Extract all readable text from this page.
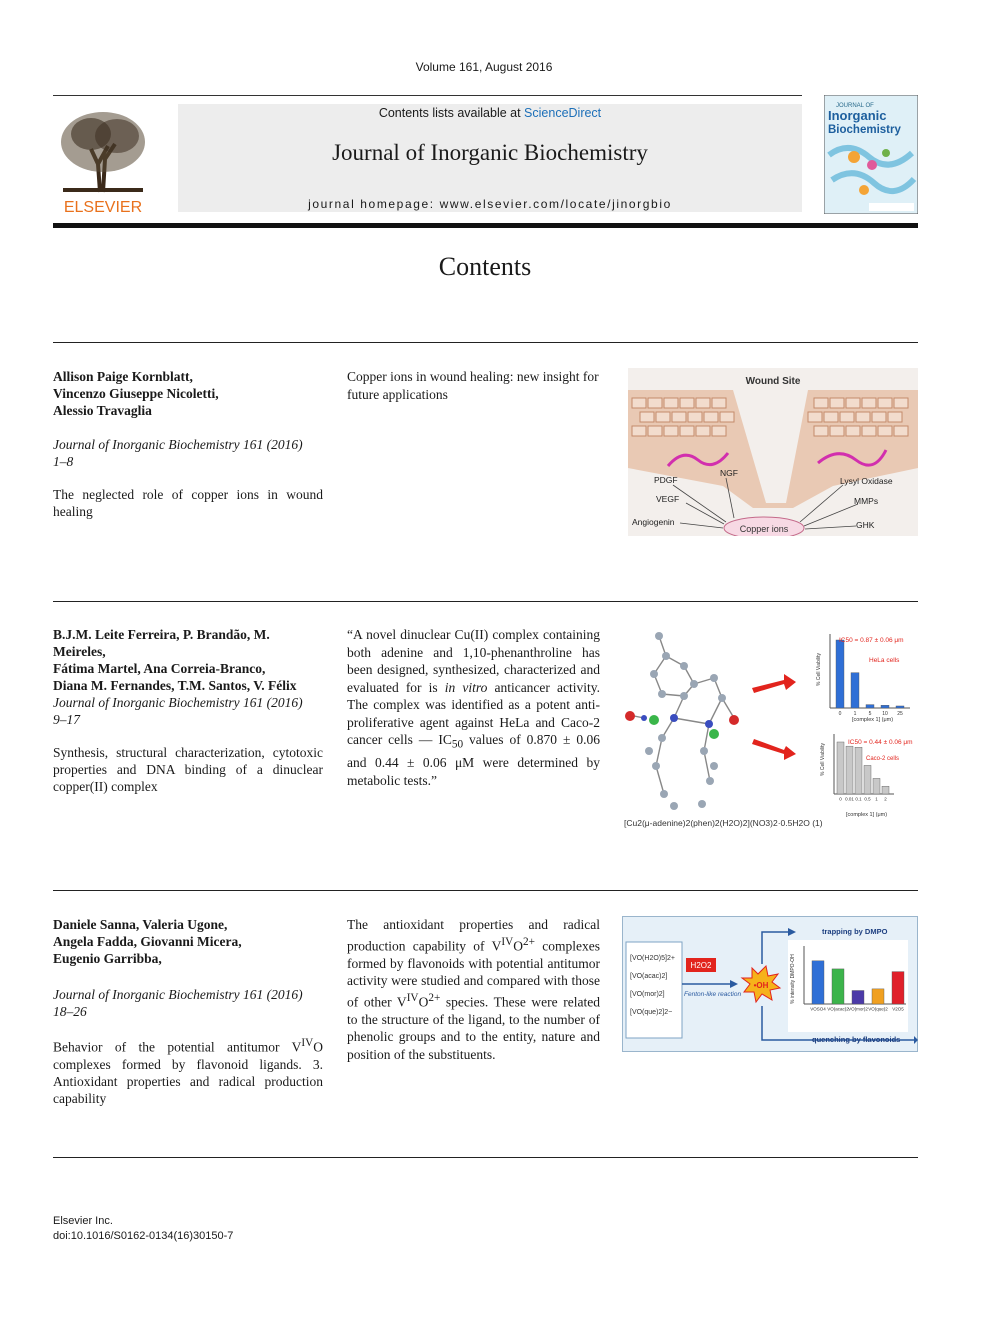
Volume 161, August 2016
Contents lists available at ScienceDirect
Journal of Inorganic Biochemistry
journal homepage: www.elsevier.com/locate/jinorgbio
ELSEVIER
JOURNAL OF
Inorganic
Biochemistry
Contents
Allison Paige Kornblatt,
Vincenzo Giuseppe Nicoletti,
Alessio Travaglia
Journal of Inorganic Biochemistry 161 (2016)
1–8
The neglected role of copper ions in wound healing
Copper ions in wound healing: new insight for future applications
Wound Site
Copper ions
PDGF
NGF
VEGF
Angiogenin
Lysyl Oxidase
MMPs
GHK
B.J.M. Leite Ferreira, P. Brandão, M. Meireles,
Fátima Martel, Ana Correia-Branco,
Diana M. Fernandes, T.M. Santos, V. Félix
Journal of Inorganic Biochemistry 161 (2016)
9–17
Synthesis, structural characterization, cytotoxic properties and DNA binding of a dinuclear copper(II) complex
“A novel dinuclear Cu(II) complex containing both adenine and 1,10-phenanthroline has been designed, synthesized, characterized and evaluated for is in vitro anticancer activity. The complex was identified as a potent anti-proliferative agent against HeLa and Caco-2 cancer cells — $IC_{50}$ values of 0.870 ± 0.06 and 0.44 ± 0.06 μM were determined by metabolic tests.”
0 1 5 10 25
IC50 = 0.87 ± 0.06 μm
HeLa cells
[complex 1] (μm)
% Cell Viability
0 0.01 0.1 0.5 1 2
IC50 = 0.44 ± 0.06 μm
Caco-2 cells
[complex 1] (μm)
% Cell Viability
[Cu2(μ-adenine)2(phen)2(H2O)2](NO3)2·0.5H2O (1)
Daniele Sanna, Valeria Ugone,
Angela Fadda, Giovanni Micera,
Eugenio Garribba,
Journal of Inorganic Biochemistry 161 (2016)
18–26
Behavior of the potential antitumor $V^{IV}O$ complexes formed by flavonoid ligands. 3. Antioxidant properties and radical production capability
The antioxidant properties and radical production capability of $V^{IV}O^{2+}$ complexes formed by flavonoids with potential antitumor activity were studied and compared with those of other $V^{IV}O^{2+}$ species. These were related to the structure of the ligand, to the number of phenolic groups and to the entity, nature and position of the substituents.
[VO(H2O)5]2+
[VO(acac)2]
[VO(mor)2]
[VO(que)2]2−
H2O2
Fenton-like reaction
•OH
trapping by DMPO
quenching by flavonoids
VOSO4 VO(acac)2 VO(mor)2 VO(que)2 V2O5
% intensity DMPO-OH
Elsevier Inc.
doi:10.1016/S0162-0134(16)30150-7
